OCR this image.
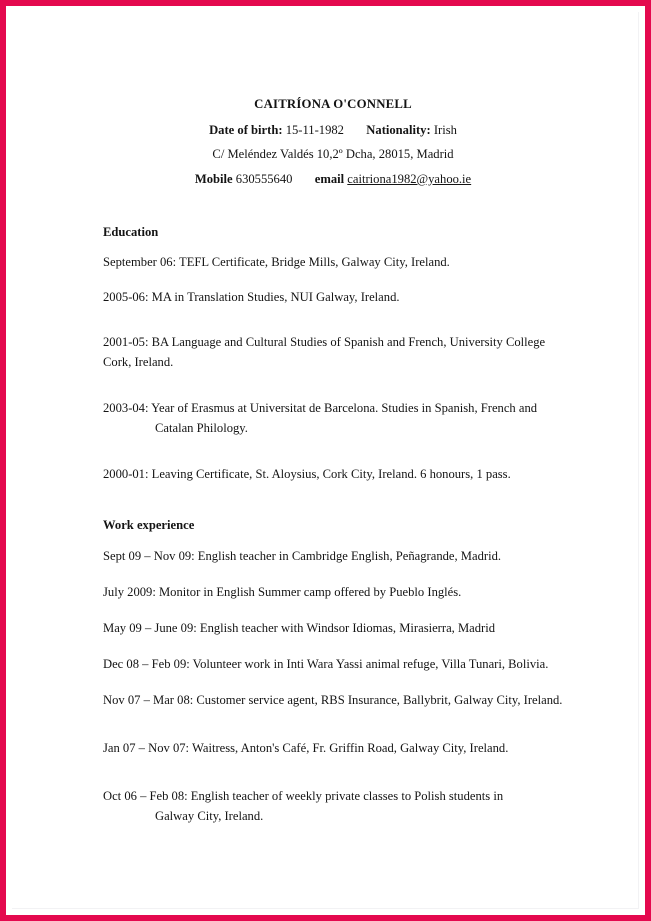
CAITRÍONA O'CONNELL
Date of birth: 15-11-1982 Nationality: Irish
C/ Meléndez Valdés 10,2º Dcha, 28015, Madrid
Mobile 630555640 email caitriona1982@yahoo.ie
Education

September 06: TEFL Certificate, Bridge Mills, Galway City, Ireland.

2005-06: MA in Translation Studies, NUI Galway, Ireland.

2001-05: BA Language and Cultural Studies of Spanish and French, University College Cork, Ireland.

2003-04: Year of Erasmus at Universitat de Barcelona. Studies in Spanish, French and
Catalan Philology.

2000-01: Leaving Certificate, St. Aloysius, Cork City, Ireland. 6 honours, 1 pass.

Work experience

Sept 09 – Nov 09: English teacher in Cambridge English, Peñagrande, Madrid.

July 2009: Monitor in English Summer camp offered by Pueblo Inglés.

May 09 – June 09: English teacher with Windsor Idiomas, Mirasierra, Madrid

Dec 08 – Feb 09: Volunteer work in Inti Wara Yassi animal refuge, Villa Tunari, Bolivia.

Nov 07 – Mar 08: Customer service agent, RBS Insurance, Ballybrit, Galway City, Ireland.

Jan 07 – Nov 07: Waitress, Anton's Café, Fr. Griffin Road, Galway City, Ireland.

Oct 06 – Feb 08: English teacher of weekly private classes to Polish students in
Galway City, Ireland.
